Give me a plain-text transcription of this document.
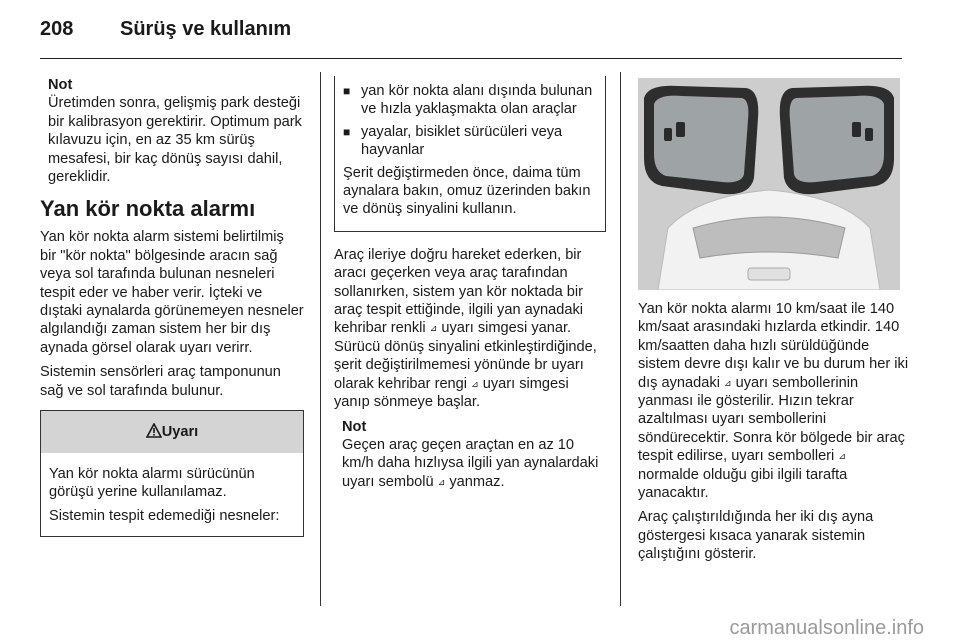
208 Sürüş ve kullanım
Not

Üretimden sonra, gelişmiş park desteği bir kalibrasyon gerektirir. Optimum park kılavuzu için, en az 35 km sürüş mesafesi, bir kaç dönüş sayısı dahil, gereklidir.

Yan kör nokta alarmı

Yan kör nokta alarm sistemi belirtilmiş bir "kör nokta" bölgesinde aracın sağ veya sol tarafında bulunan nesneleri tespit eder ve haber verir. İçteki ve dıştaki aynalarda görünemeyen nesneler algılandığı zaman sistem her bir dış aynada görsel olarak uyarı verirr.

Sistemin sensörleri araç tamponunun sağ ve sol tarafında bulunur.

Uyarı

Yan kör nokta alarmı sürücünün görüşü yerine kullanılamaz.

Sistemin tespit edemediği nesneler:

■ yan kör nokta alanı dışında bulunan ve hızla yaklaşmakta olan araçlar
■ yayalar, bisiklet sürücüleri veya hayvanlar

Şerit değiştirmeden önce, daima tüm aynalara bakın, omuz üzerinden bakın ve dönüş sinyalini kullanın.

Araç ileriye doğru hareket ederken, bir aracı geçerken veya araç tarafından sollanırken, sistem yan kör noktada bir araç tespit ettiğinde, ilgili yan aynadaki kehribar renkli ⊿ uyarı simgesi yanar. Sürücü dönüş sinyalini etkinleştirdiğinde, şerit değiştirilmemesi yönünde br uyarı olarak kehribar rengi ⊿ uyarı simgesi yanıp sönmeye başlar.

Not

Geçen araç geçen araçtan en az 10 km/h daha hızlıysa ilgili yan aynalardaki uyarı sembolü ⊿ yanmaz.

Yan kör nokta alarmı 10 km/saat ile 140 km/saat arasındaki hızlarda etkindir. 140 km/saatten daha hızlı sürüldüğünde sistem devre dışı kalır ve bu durum her iki dış aynadaki ⊿ uyarı sembollerinin yanması ile gösterilir. Hızın tekrar azaltılması uyarı sembollerini söndürecektir. Sonra kör bölgede bir araç tespit edilirse, uyarı sembolleri ⊿ normalde olduğu gibi ilgili tarafta yanacaktır.

Araç çalıştırıldığında her iki dış ayna göstergesi kısaca yanarak sistemin çalıştığını gösterir.

carmanualsonline.info
